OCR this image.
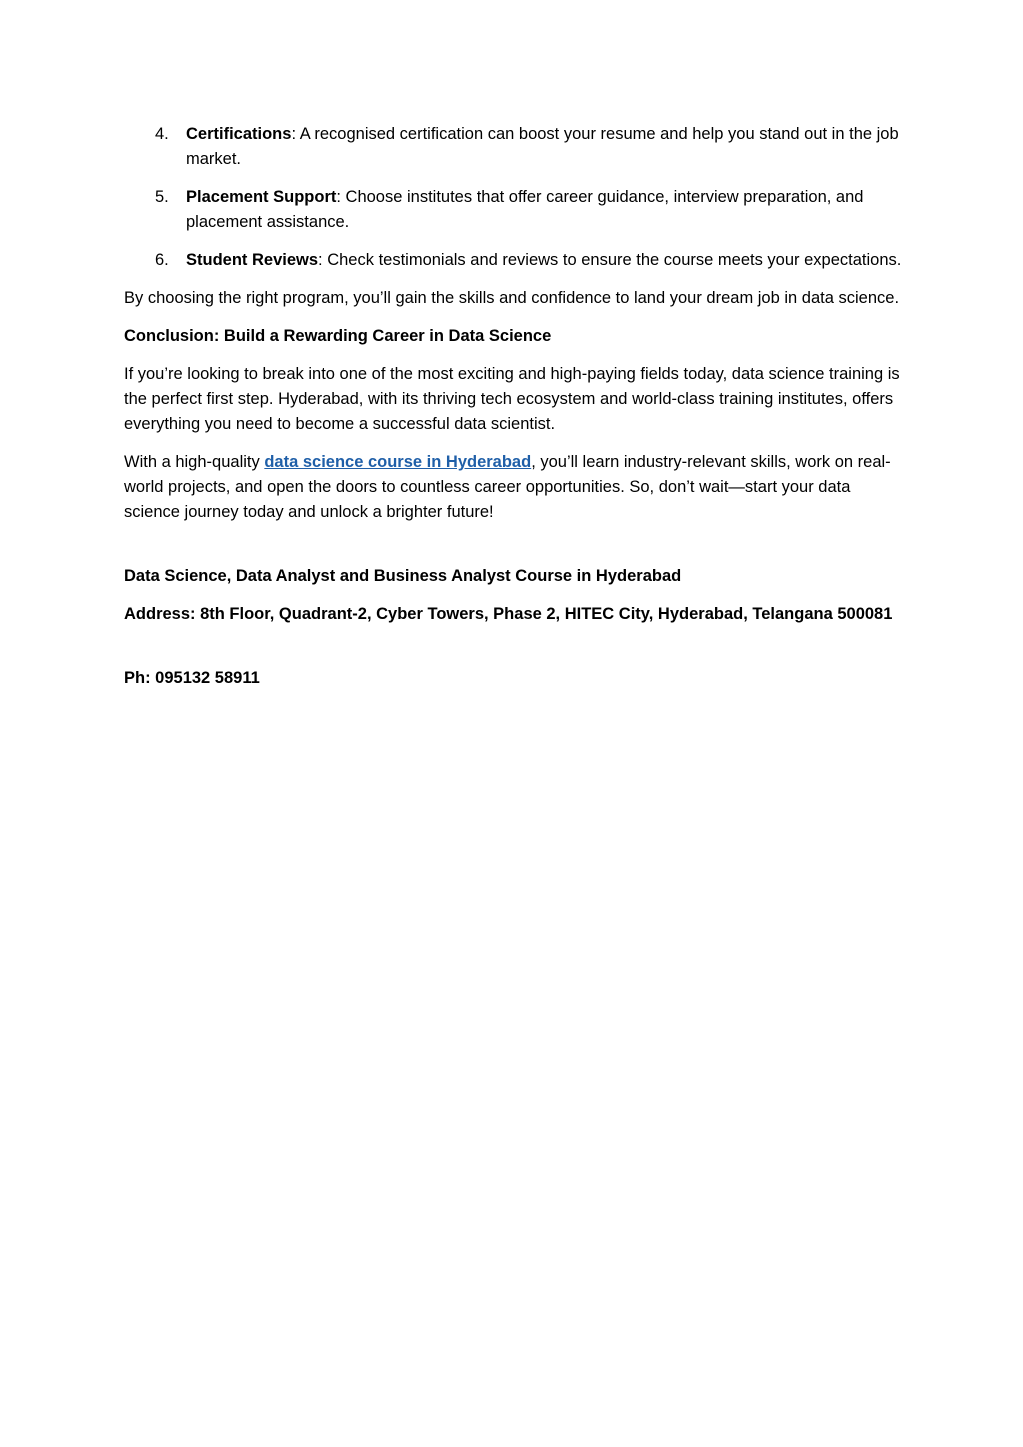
4. Certifications: A recognised certification can boost your resume and help you stand out in the job market.
5. Placement Support: Choose institutes that offer career guidance, interview preparation, and placement assistance.
6. Student Reviews: Check testimonials and reviews to ensure the course meets your expectations.

By choosing the right program, you’ll gain the skills and confidence to land your dream job in data science.

Conclusion: Build a Rewarding Career in Data Science

If you’re looking to break into one of the most exciting and high-paying fields today, data science training is the perfect first step. Hyderabad, with its thriving tech ecosystem and world-class training institutes, offers everything you need to become a successful data scientist.

With a high-quality data science course in Hyderabad, you’ll learn industry-relevant skills, work on real-world projects, and open the doors to countless career opportunities. So, don’t wait—start your data science journey today and unlock a brighter future!

Data Science, Data Analyst and Business Analyst Course in Hyderabad

Address: 8th Floor, Quadrant-2, Cyber Towers, Phase 2, HITEC City, Hyderabad, Telangana 500081

Ph: 095132 58911
